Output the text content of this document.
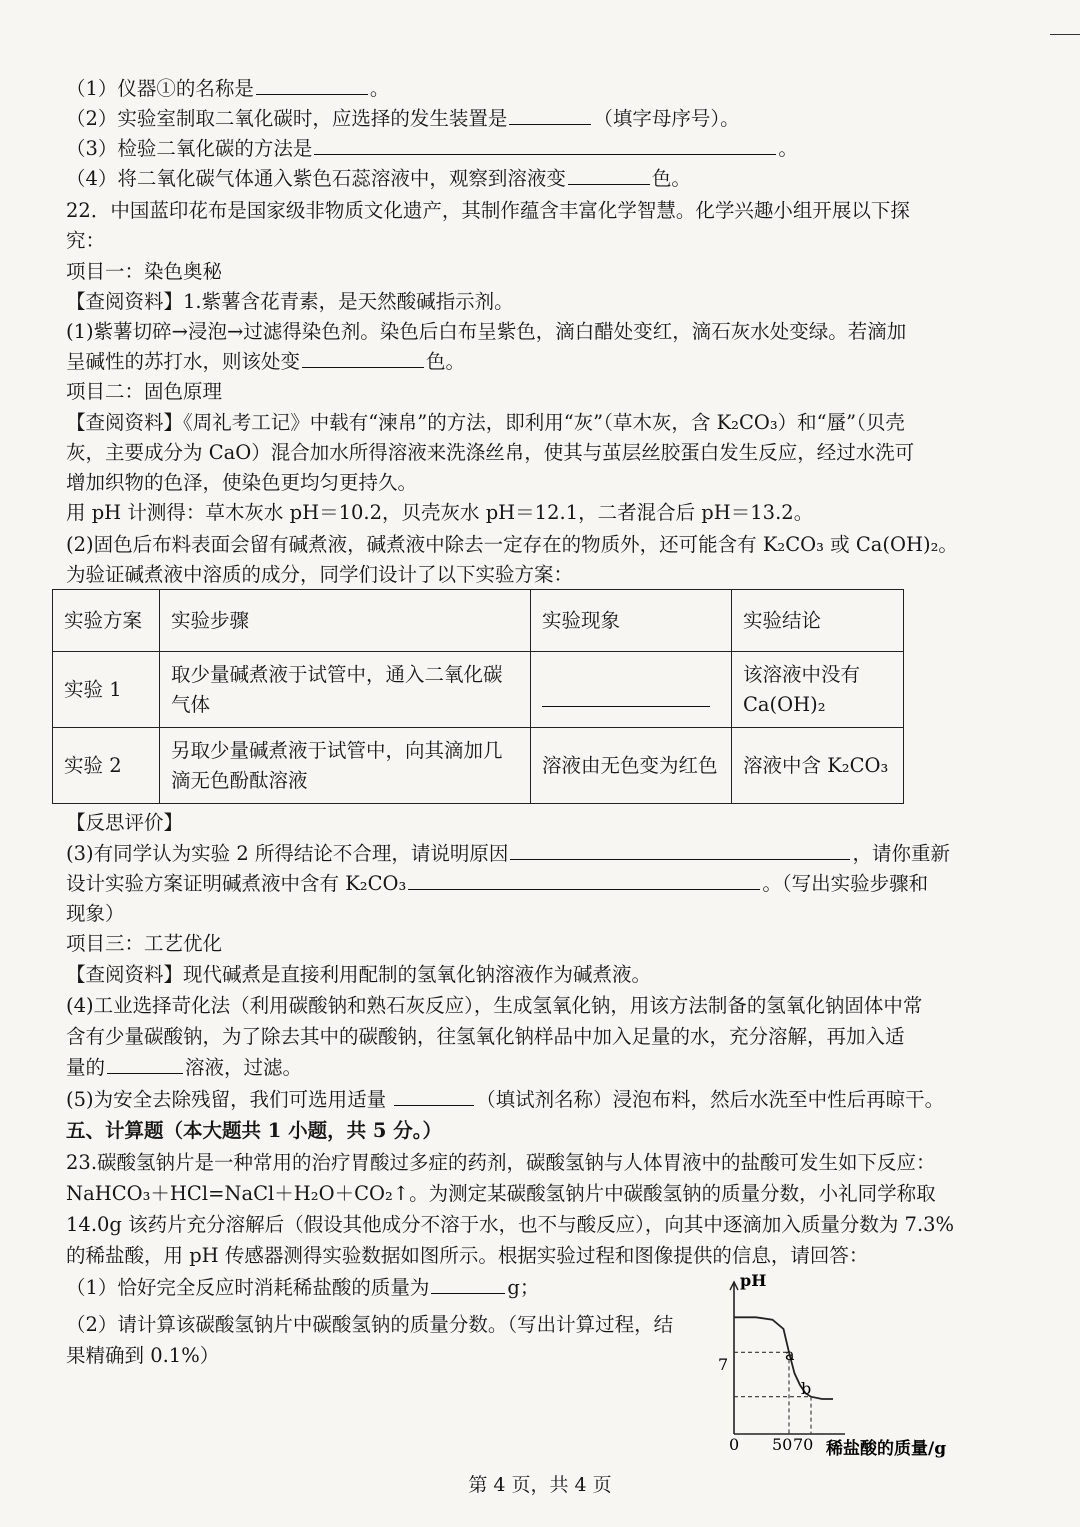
（1）仪器①的名称是	。
（2）实验室制取二氧化碳时，应选择的发生装置是	（填字母序号）。
（3）检验二氧化碳的方法是	。
（4）将二氧化碳气体通入紫色石蕊溶液中，观察到溶液变	色。
22．中国蓝印花布是国家级非物质文化遗产，其制作蕴含丰富化学智慧。化学兴趣小组开展以下探
究：
项目一：染色奥秘
【查阅资料】1.紫薯含花青素，是天然酸碱指示剂。
(1)紫薯切碎→浸泡→过滤得染色剂。染色后白布呈紫色，滴白醋处变红，滴石灰水处变绿。若滴加
呈碱性的苏打水，则该处变	色。
项目二：固色原理
【查阅资料】《周礼考工记》中载有“湅帛”的方法，即利用“灰”（草木灰，含 K₂CO₃）和“蜃”（贝壳
灰，主要成分为 CaO）混合加水所得溶液来洗涤丝帛，使其与茧层丝胶蛋白发生反应，经过水洗可
增加织物的色泽，使染色更均匀更持久。
用 pH 计测得：草木灰水 pH＝10.2，贝壳灰水 pH＝12.1，二者混合后 pH＝13.2。
(2)固色后布料表面会留有碱煮液，碱煮液中除去一定存在的物质外，还可能含有 K₂CO₃ 或 Ca(OH)₂。
为验证碱煮液中溶质的成分，同学们设计了以下实验方案：
实验方案	实验步骤	实验现象	实验结论
实验 1	取少量碱煮液于试管中，通入二氧化碳气体		该溶液中没有 Ca(OH)₂
实验 2	另取少量碱煮液于试管中，向其滴加几滴无色酚酞溶液	溶液由无色变为红色	溶液中含 K₂CO₃
【反思评价】
(3)有同学认为实验 2 所得结论不合理，请说明原因	，请你重新
设计实验方案证明碱煮液中含有 K₂CO₃	。（写出实验步骤和
现象）
项目三：工艺优化
【查阅资料】现代碱煮是直接利用配制的氢氧化钠溶液作为碱煮液。
(4)工业选择苛化法（利用碳酸钠和熟石灰反应），生成氢氧化钠，用该方法制备的氢氧化钠固体中常
含有少量碳酸钠，为了除去其中的碳酸钠，往氢氧化钠样品中加入足量的水，充分溶解，再加入适
量的	溶液，过滤。
(5)为安全去除残留，我们可选用适量	（填试剂名称）浸泡布料，然后水洗至中性后再晾干。
五、计算题（本大题共 1 小题，共 5 分。）
23.碳酸氢钠片是一种常用的治疗胃酸过多症的药剂，碳酸氢钠与人体胃液中的盐酸可发生如下反应：
NaHCO₃＋HCl=NaCl＋H₂O＋CO₂↑。为测定某碳酸氢钠片中碳酸氢钠的质量分数，小礼同学称取
14.0g 该药片充分溶解后（假设其他成分不溶于水，也不与酸反应），向其中逐滴加入质量分数为 7.3%
的稀盐酸，用 pH 传感器测得实验数据如图所示。根据实验过程和图像提供的信息，请回答：
（1）恰好完全反应时消耗稀盐酸的质量为	g；
（2）请计算该碳酸氢钠片中碳酸氢钠的质量分数。（写出计算过程，结
果精确到 0.1%）
pH
稀盐酸的质量/g
0
7
50 70
a
b
第 4 页，共 4 页
